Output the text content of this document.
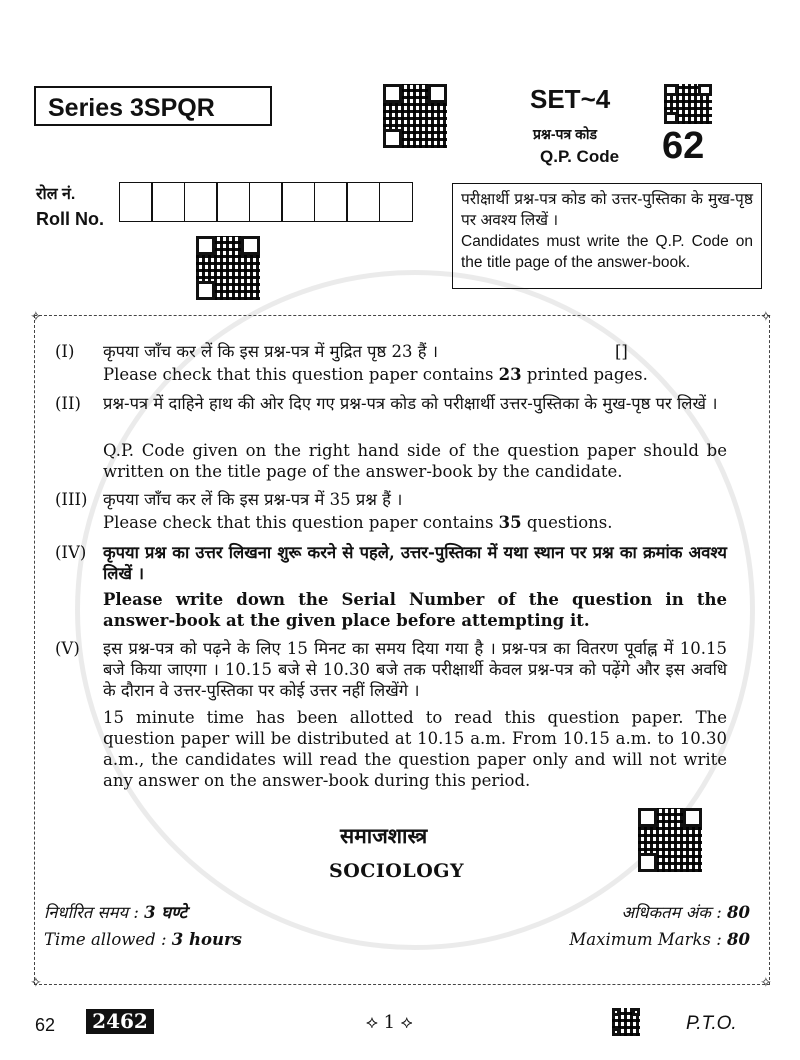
Series 3SPQR	SET~4
प्रश्न-पत्र कोड
Q.P. Code 62
रोल नं.
Roll No.
परीक्षार्थी प्रश्न-पत्र कोड को उत्तर-पुस्तिका के मुख-पृष्ठ पर अवश्य लिखें ।
Candidates must write the Q.P. Code on the title page of the answer-book.
✧	✧
✧	✧
(I) कृपया जाँच कर लें कि इस प्रश्न-पत्र में मुद्रित पृष्ठ 23 हैं ।	[]
Please check that this question paper contains 23 printed pages.
(II) प्रश्न-पत्र में दाहिने हाथ की ओर दिए गए प्रश्न-पत्र कोड को परीक्षार्थी उत्तर-पुस्तिका के मुख-पृष्ठ पर लिखें ।
Q.P. Code given on the right hand side of the question paper should be written on the title page of the answer-book by the candidate.
(III) कृपया जाँच कर लें कि इस प्रश्न-पत्र में 35 प्रश्न हैं ।
Please check that this question paper contains 35 questions.
(IV) कृपया प्रश्न का उत्तर लिखना शुरू करने से पहले, उत्तर-पुस्तिका में यथा स्थान पर प्रश्न का क्रमांक अवश्य लिखें ।
Please write down the Serial Number of the question in the answer-book at the given place before attempting it.
(V) इस प्रश्न-पत्र को पढ़ने के लिए 15 मिनट का समय दिया गया है । प्रश्न-पत्र का वितरण पूर्वाह्न में 10.15 बजे किया जाएगा । 10.15 बजे से 10.30 बजे तक परीक्षार्थी केवल प्रश्न-पत्र को पढ़ेंगे और इस अवधि के दौरान वे उत्तर-पुस्तिका पर कोई उत्तर नहीं लिखेंगे ।
15 minute time has been allotted to read this question paper. The question paper will be distributed at 10.15 a.m. From 10.15 a.m. to 10.30 a.m., the candidates will read the question paper only and will not write any answer on the answer-book during this period.
समाजशास्त्र
SOCIOLOGY
निर्धारित समय : 3 घण्टे	अधिकतम अंक : 80
Time allowed : 3 hours	Maximum Marks : 80
62	2462	⟡ 1 ⟡	P.T.O.
